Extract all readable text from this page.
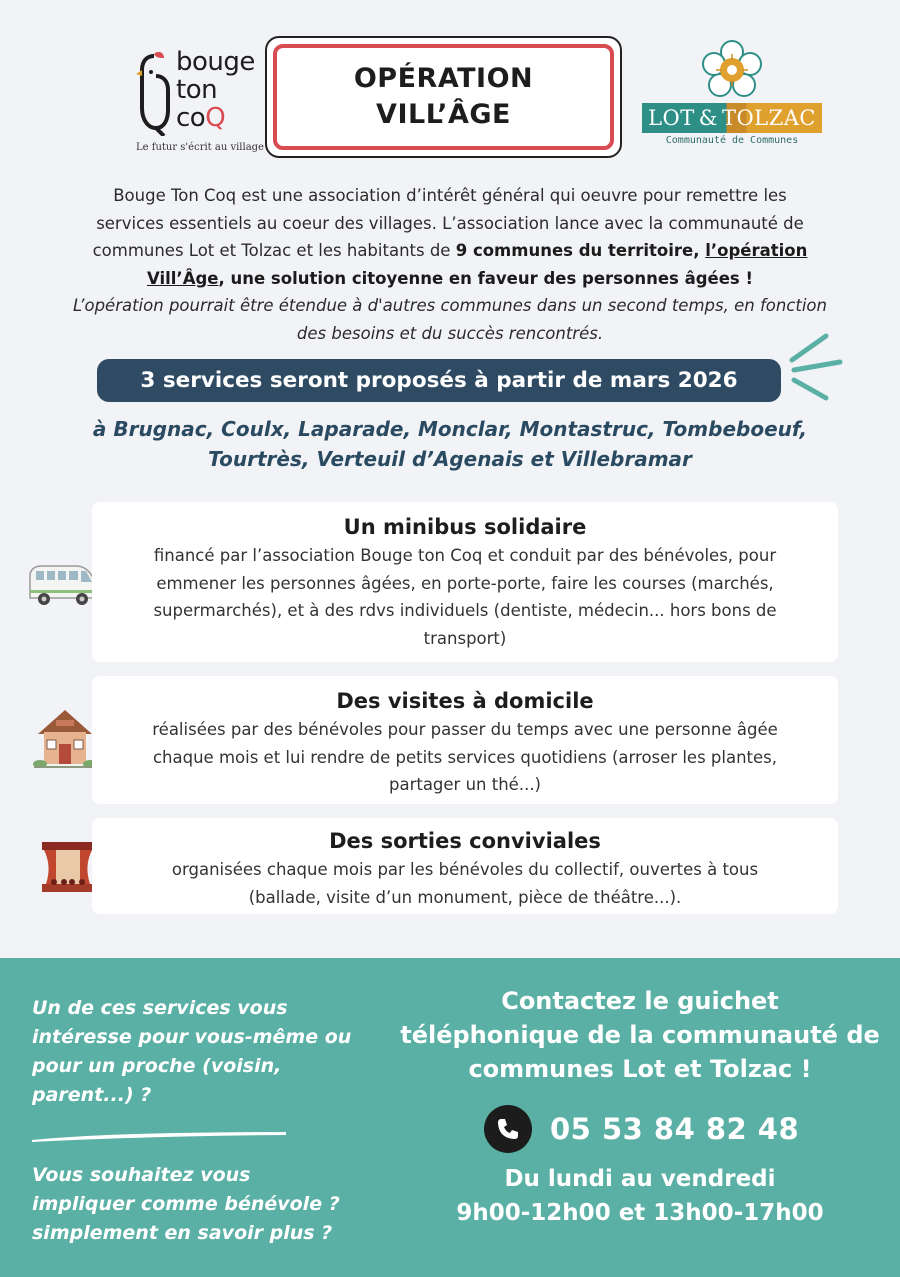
bouge
ton
coQ
Le futur s'écrit au village
OPÉRATION
VILL’ÂGE	LOT & TOLZAC
Communauté de Communes
Bouge Ton Coq est une association d’intérêt général qui oeuvre pour remettre les
services essentiels au coeur des villages. L’association lance avec la communauté de
communes Lot et Tolzac et les habitants de 9 communes du territoire, l’opération
Vill’Âge, une solution citoyenne en faveur des personnes âgées !
L’opération pourrait être étendue à d'autres communes dans un second temps, en fonction
des besoins et du succès rencontrés.
3 services seront proposés à partir de mars 2026
à Brugnac, Coulx, Laparade, Monclar, Montastruc, Tombeboeuf,
Tourtrès, Verteuil d’Agenais et Villebramar
Un minibus solidaire

financé par l’association Bouge ton Coq et conduit par des bénévoles, pour

emmener les personnes âgées, en porte-porte, faire les courses (marchés,

supermarchés), et à des rdvs individuels (dentiste, médecin... hors bons de

transport)

Des visites à domicile

réalisées par des bénévoles pour passer du temps avec une personne âgée

chaque mois et lui rendre de petits services quotidiens (arroser les plantes,

partager un thé...)

Des sorties conviviales

organisées chaque mois par les bénévoles du collectif, ouvertes à tous

(ballade, visite d’un monument, pièce de théâtre...).

Un de ces services vous
intéresse pour vous-même ou
pour un proche (voisin,
parent...) ?
Vous souhaitez vous
impliquer comme bénévole ?
simplement en savoir plus ?
Contactez le guichet
téléphonique de la communauté de
communes Lot et Tolzac !
05 53 84 82 48
Du lundi au vendredi
9h00-12h00 et 13h00-17h00
